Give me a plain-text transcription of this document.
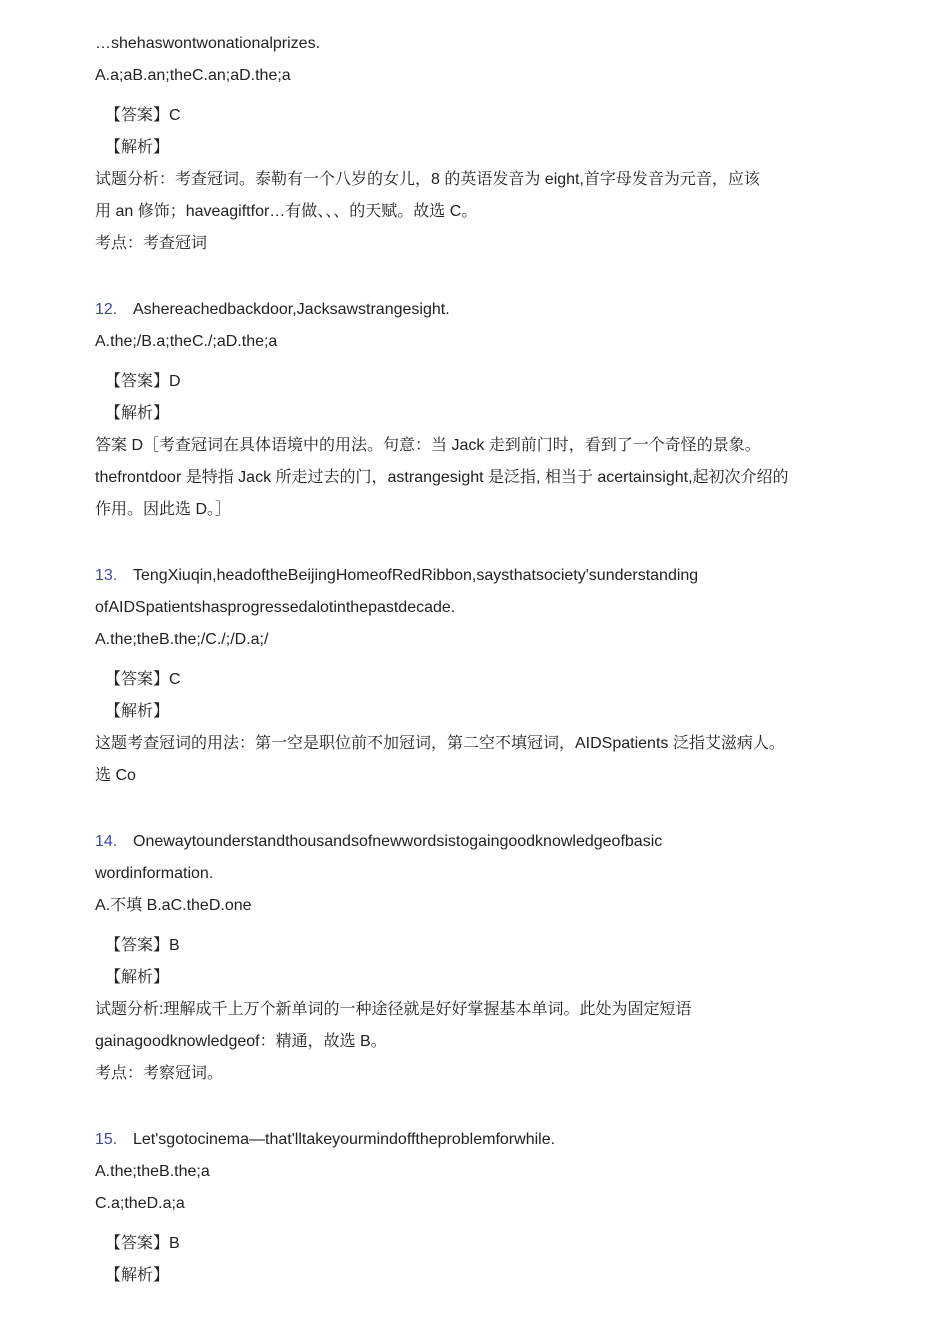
…shehaswontwonationalprizes.
A.a;aB.an;theC.an;aD.the;a
【答案】C
【解析】
试题分析：考查冠词。泰勒有一个八岁的女儿，8 的英语发音为 eight,首字母发音为元音，应该
用 an 修饰；haveagiftfor…有做、、、的天赋。故选 C。
考点：考查冠词
12. Ashereachedbackdoor,Jacksawstrangesight.
A.the;/B.a;theC./;aD.the;a
【答案】D
【解析】
答案 D［考查冠词在具体语境中的用法。句意：当 Jack 走到前门时，看到了一个奇怪的景象。
thefrontdoor 是特指 Jack 所走过去的门，astrangesight 是泛指, 相当于 acertainsight,起初次介绍的
作用。因此选 D。］
13. TengXiuqin,headoftheBeijingHomeofRedRibbon,saysthatsociety'sunderstanding
ofAIDSpatientshasprogressedalotinthepastdecade.
A.the;theB.the;/C./;/D.a;/
【答案】C
【解析】
这题考查冠词的用法：第一空是职位前不加冠词，第二空不填冠词，AIDSpatients 泛指艾滋病人。
选 Co
14. Onewaytounderstandthousandsofnewwordsistogaingoodknowledgeofbasic
wordinformation.
A.不填 B.aC.theD.one
【答案】B
【解析】
试题分析:理解成千上万个新单词的一种途径就是好好掌握基本单词。此处为固定短语
gainagoodknowledgeof：精通，故选 B。
考点：考察冠词。
15. Let'sgotocinema—that'lltakeyourmindofftheproblemforwhile.
A.the;theB.the;a
C.a;theD.a;a
【答案】B
【解析】
